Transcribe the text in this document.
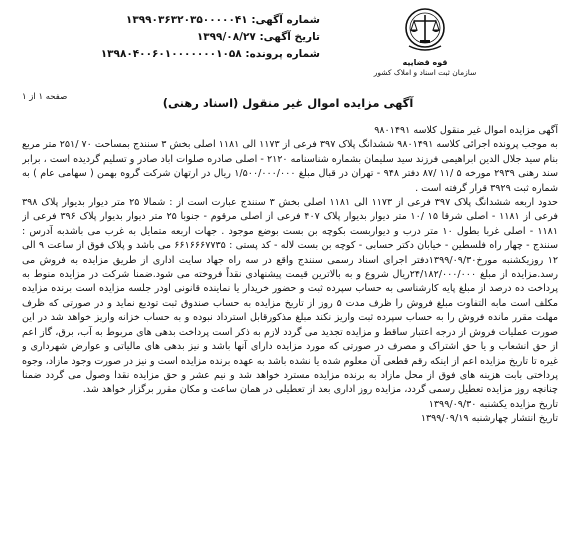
شماره آگهی: ۱۳۹۹۰۳۶۳۲۰۳۵۰۰۰۰۰۴۱
تاریخ آگهی: ۱۳۹۹/۰۸/۲۷
شماره پرونده: ۱۳۹۸۰۴۰۰۶۰۱۰۰۰۰۰۰۰۱۰۵۸
قوه قضاییه
سازمان ثبت اسناد و املاک کشور
صفحه ۱ از ۱	آگهی مزایده اموال غیر منقول (اسناد رهنی)

آگهی مزایده اموال غیر منقول کلاسه ۹۸۰۱۴۹۱

به موجب پرونده اجرائی کلاسه ۹۸۰۱۴۹۱ ششدانگ پلاک ۳۹۷ فرعی از ۱۱۷۳ الی ۱۱۸۱ اصلی بخش ۳ سنندج بمساحت ۷۰ /۲۵۱ متر مربع بنام سید جلال الدین ابراهیمی فرزند سید سلیمان بشماره شناسنامه ۲۱۲۰ - اصلی صادره صلوات اباد صادر و تسلیم گردیده است ، برابر سند رهنی ۲۹۳۹ مورخه ۵ /۱۱ /۸۷ دفتر ۹۴۸ - تهران در قبال مبلغ ۱/۵۰۰/۰۰۰/۰۰۰ ریال در ارتهان شرکت گروه بهمن ( سهامی عام ) به شماره ثبت ۳۹۲۹ قرار گرفته است .

حدود اربعه ششدانگ پلاک ۳۹۷ فرعی از ۱۱۷۳ الی ۱۱۸۱ اصلی بخش ۳ سنندج عبارت است از : شمالا ۲۵ متر دیوار بدیوار پلاک ۳۹۸ فرعی از ۱۱۸۱ - اصلی شرقا ۱۵ /۱۰ متر دیوار بدیوار پلاک ۴۰۷ فرعی از اصلی مرقوم - جنوبا ۲۵ متر دیوار بدیوار پلاک ۳۹۶ فرعی از ۱۱۸۱ - اصلی غربا بطول ۱۰ متر درب و دیواربست بکوچه بن بست بوضع موجود . جهات اربعه متمایل به غرب می باشدبه آدرس : سنندج - چهار راه فلسطین - خیابان دکتر حسابی - کوچه بن بست لاله - کد پستی : ۶۶۱۶۶۶۷۷۳۵ می باشد و پلاک فوق از ساعت ۹ الی ۱۲ روزیکشنبه مورخ۱۳۹۹/۰۹/۳۰دفتر اجرای اسناد رسمی سنندج واقع در سه راه جهاد سایت اداری از طریق مزایده به فروش می رسد.مزایده از مبلغ ۲۴/۱۸۲/۰۰۰/۰۰۰ریال شروع و به بالاترین قیمت پیشنهادی نقداً فروخته می شود.ضمنا شرکت در مزایده منوط به پرداخت ده درصد از مبلغ پایه کارشناسی به حساب سپرده ثبت و حضور خریدار یا نماینده قانونی اودر جلسه مزایده است برنده مزایده مکلف است مابه التفاوت مبلغ فروش را ظرف مدت ۵ روز از تاریخ مزایده به حساب صندوق ثبت تودیع نماید و در صورتی که ظرف مهلت مقرر مانده فروش را به حساب سپرده ثبت واریز نکند مبلغ مذکورقابل استرداد نبوده و به حساب خزانه واریز خواهد شد در این صورت عملیات فروش از درجه اعتبار ساقط و مزایده تجدید می گردد لازم به ذکر است پرداخت بدهی های مربوط به آب، برق، گاز اعم از حق انشعاب و یا حق اشتراک و مصرف در صورتی که مورد مزایده دارای آنها باشد و نیز بدهی های مالیاتی و عوارض شهرداری و غیره تا تاریخ مزایده اعم از اینکه رقم قطعی آن معلوم شده یا نشده باشد به عهده برنده مزایده است و نیز در صورت وجود مازاد، وجوه پرداختی بابت هزینه های فوق از محل مازاد به برنده مزایده مسترد خواهد شد و نیم عشر و حق مزایده نقدا وصول می گردد ضمنا چنانچه روز مزایده تعطیل رسمی گردد، مزایده روز اداری بعد از تعطیلی در همان ساعت و مکان مقرر برگزار خواهد شد.

تاریخ مزایده یکشنبه ۱۳۹۹/۰۹/۳۰
تاریخ انتشار چهارشنبه ۱۳۹۹/۰۹/۱۹
